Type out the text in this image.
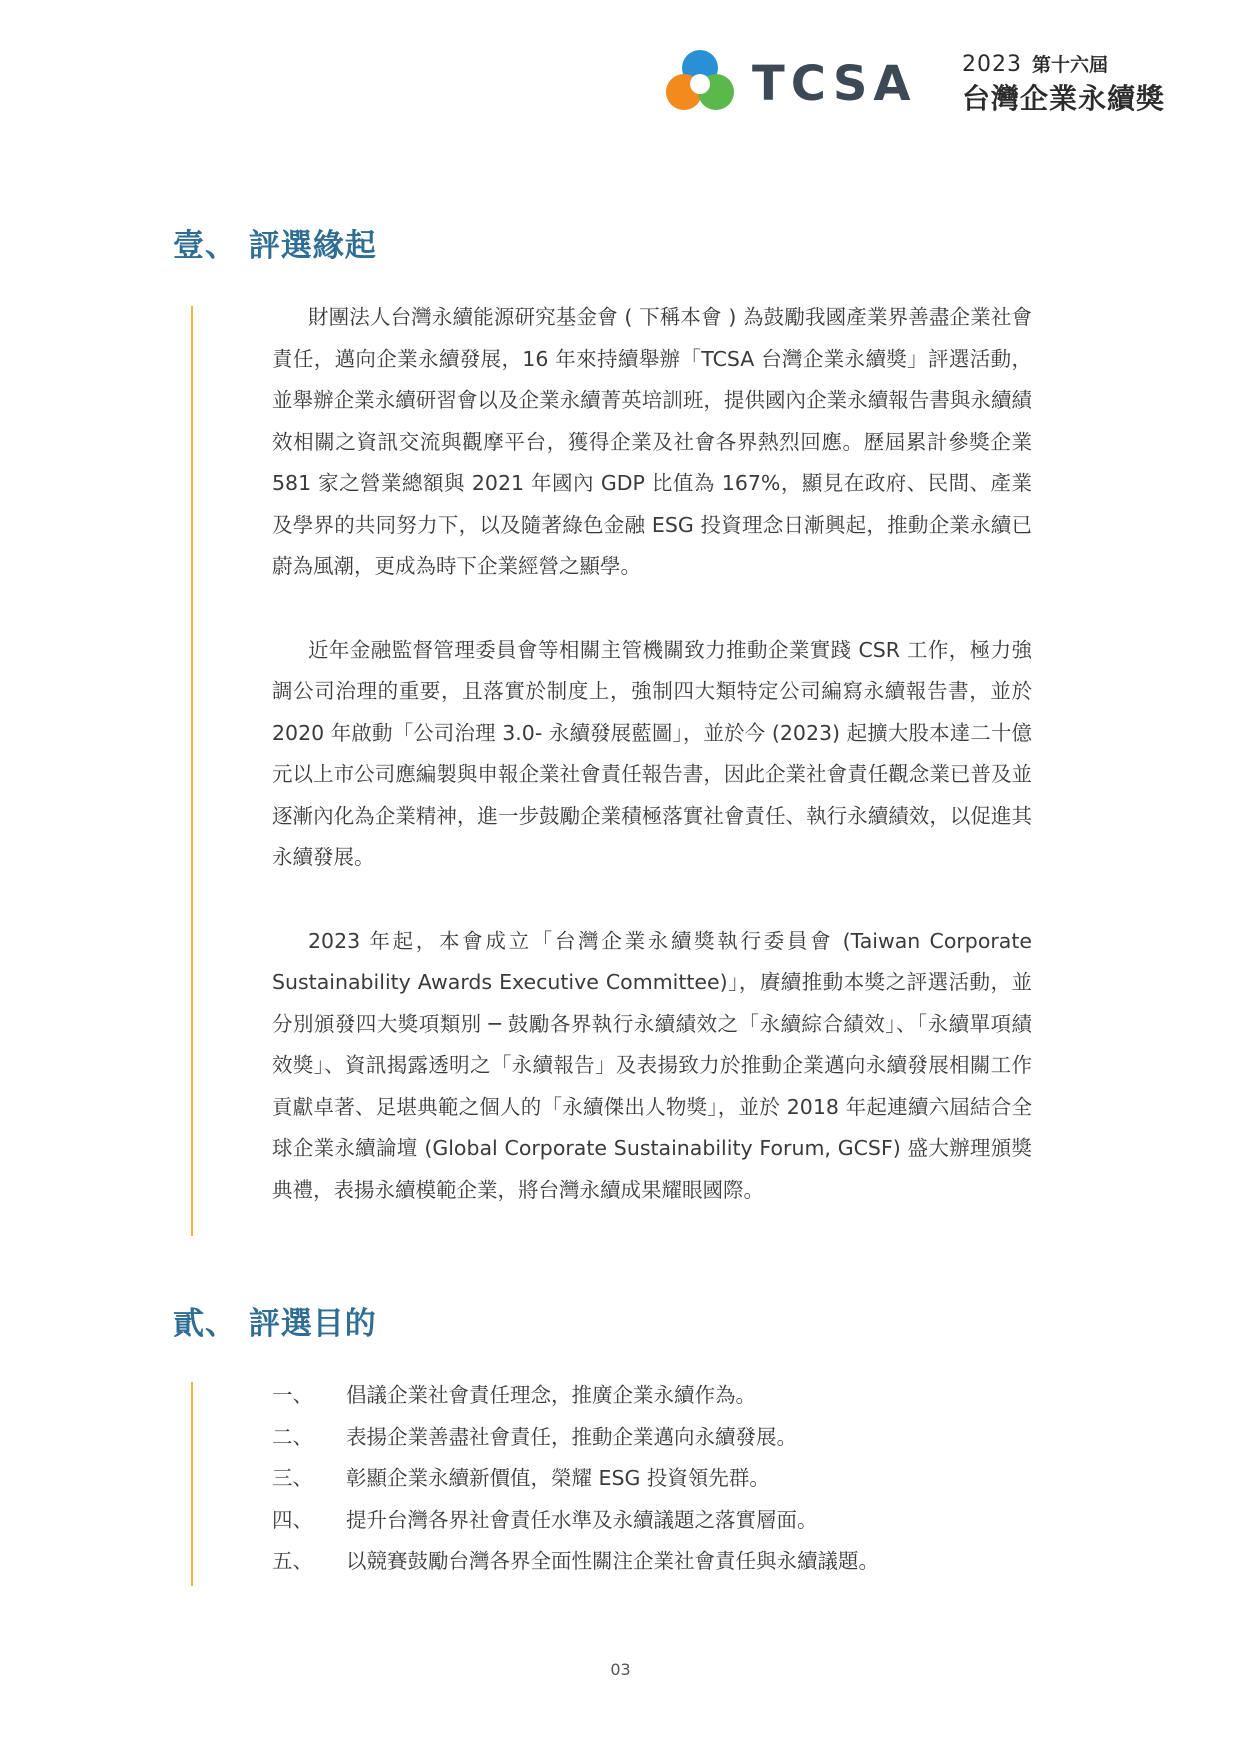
TCSA 2023 第十六屆
台灣企業永續獎
壹、 評選緣起

財團法人台灣永續能源研究基金會 ( 下稱本會 ) 為鼓勵我國產業界善盡企業社會責任，邁向企業永續發展，16 年來持續舉辦「TCSA 台灣企業永續獎」評選活動，並舉辦企業永續研習會以及企業永續菁英培訓班，提供國內企業永續報告書與永續績效相關之資訊交流與觀摩平台，獲得企業及社會各界熱烈回應。歷屆累計參獎企業 581 家之營業總額與 2021 年國內 GDP 比值為 167%，顯見在政府、民間、產業及學界的共同努力下，以及隨著綠色金融 ESG 投資理念日漸興起，推動企業永續已蔚為風潮，更成為時下企業經營之顯學。

近年金融監督管理委員會等相關主管機關致力推動企業實踐 CSR 工作，極力強調公司治理的重要，且落實於制度上，強制四大類特定公司編寫永續報告書，並於 2020 年啟動「公司治理 3.0- 永續發展藍圖」，並於今 (2023) 起擴大股本達二十億元以上市公司應編製與申報企業社會責任報告書，因此企業社會責任觀念業已普及並逐漸內化為企業精神，進一步鼓勵企業積極落實社會責任、執行永續績效，以促進其永續發展。

2023 年起，本會成立「台灣企業永續獎執行委員會 (Taiwan Corporate Sustainability Awards Executive Committee)」，賡續推動本獎之評選活動，並分別頒發四大獎項類別 ─ 鼓勵各界執行永續績效之「永續綜合績效」、「永續單項績效獎」、資訊揭露透明之「永續報告」及表揚致力於推動企業邁向永續發展相關工作貢獻卓著、足堪典範之個人的「永續傑出人物獎」，並於 2018 年起連續六屆結合全球企業永續論壇 (Global Corporate Sustainability Forum, GCSF) 盛大辦理頒獎典禮，表揚永續模範企業，將台灣永續成果耀眼國際。

貳、 評選目的
一、	倡議企業社會責任理念，推廣企業永續作為。
二、	表揚企業善盡社會責任，推動企業邁向永續發展。
三、	彰顯企業永續新價值，榮耀 ESG 投資領先群。
四、	提升台灣各界社會責任水準及永續議題之落實層面。
五、	以競賽鼓勵台灣各界全面性關注企業社會責任與永續議題。
03
